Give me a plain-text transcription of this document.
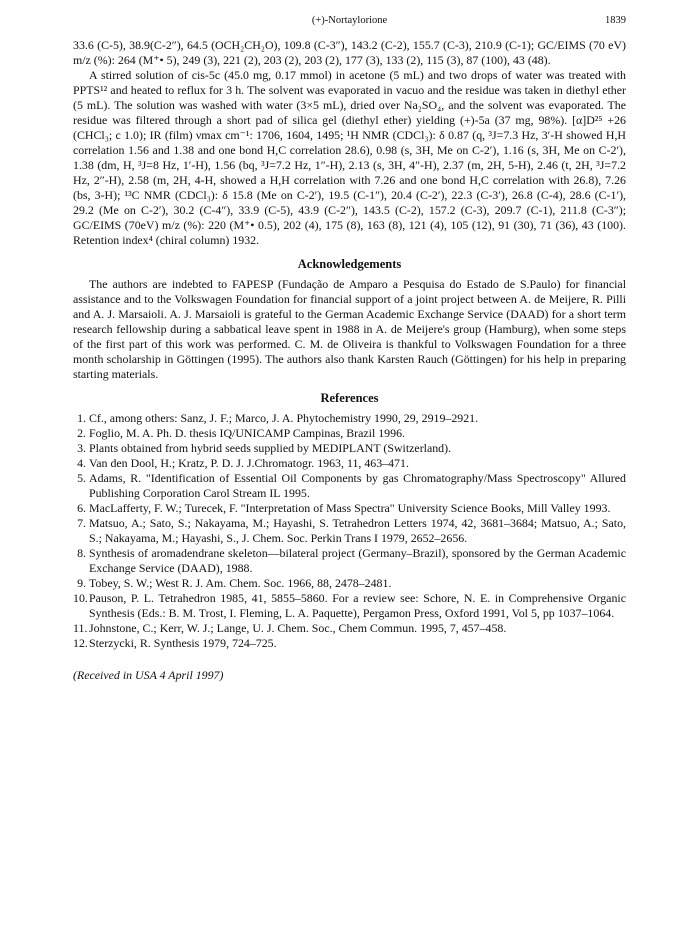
(+)-Nortaylorione	1839

33.6 (C-5), 38.9(C-2″), 64.5 (OCH₂CH₂O), 109.8 (C-3″), 143.2 (C-2), 155.7 (C-3), 210.9 (C-1); GC/EIMS (70 eV) m/z (%): 264 (M⁺• 5), 249 (3), 221 (2), 203 (2), 203 (2), 177 (3), 133 (2), 115 (3), 87 (100), 43 (48).

A stirred solution of cis-5c (45.0 mg, 0.17 mmol) in acetone (5 mL) and two drops of water was treated with PPTS¹² and heated to reflux for 3 h. The solvent was evaporated in vacuo and the residue was taken in diethyl ether (5 mL). The solution was washed with water (3×5 mL), dried over Na₂SO₄, and the solvent was evaporated. The residue was filtered through a short pad of silica gel (diethyl ether) yielding (+)-5a (37 mg, 98%). [α]D²⁵ +26 (CHCl₃; c 1.0); IR (film) νmax cm⁻¹: 1706, 1604, 1495; ¹H NMR (CDCl₃): δ 0.87 (q, ³J=7.3 Hz, 3′-H showed H,H correlation 1.56 and 1.38 and one bond H,C correlation 28.6), 0.98 (s, 3H, Me on C-2′), 1.16 (s, 3H, Me on C-2′), 1.38 (dm, H, ³J=8 Hz, 1′-H), 1.56 (bq, ³J=7.2 Hz, 1″-H), 2.13 (s, 3H, 4″-H), 2.37 (m, 2H, 5-H), 2.46 (t, 2H, ³J=7.2 Hz, 2″-H), 2.58 (m, 2H, 4-H, showed a H,H correlation with 7.26 and one bond H,C correlation with 26.8), 7.26 (bs, 3-H); ¹³C NMR (CDCl₃): δ 15.8 (Me on C-2′), 19.5 (C-1″), 20.4 (C-2′), 22.3 (C-3′), 26.8 (C-4), 28.6 (C-1′), 29.2 (Me on C-2′), 30.2 (C-4″), 33.9 (C-5), 43.9 (C-2″), 143.5 (C-2), 157.2 (C-3), 209.7 (C-1), 211.8 (C-3″); GC/EIMS (70eV) m/z (%): 220 (M⁺• 0.5), 202 (4), 175 (8), 163 (8), 121 (4), 105 (12), 91 (30), 71 (36), 43 (100). Retention index⁴ (chiral column) 1932.

Acknowledgements

The authors are indebted to FAPESP (Fundação de Amparo a Pesquisa do Estado de S.Paulo) for financial assistance and to the Volkswagen Foundation for financial support of a joint project between A. de Meijere, R. Pilli and A. J. Marsaioli. A. J. Marsaioli is grateful to the German Academic Exchange Service (DAAD) for a short term research fellowship during a sabbatical leave spent in 1988 in A. de Meijere's group (Hamburg), when some steps of the first part of this work was performed. C. M. de Oliveira is thankful to Volkswagen Foundation for a three month scholarship in Göttingen (1995). The authors also thank Karsten Rauch (Göttingen) for his help in preparing starting materials.

References
1 . Cf., among others: Sanz, J. F.; Marco, J. A. Phytochemistry 1990, 29, 2919–2921.
2 . Foglio, M. A. Ph. D. thesis IQ/UNICAMP Campinas, Brazil 1996.
3 . Plants obtained from hybrid seeds supplied by MEDIPLANT (Switzerland).
4 . Van den Dool, H.; Kratz, P. D. J. J.Chromatogr. 1963, 11, 463–471.
5 . Adams, R. "Identification of Essential Oil Components by gas Chromatography/Mass Spectroscopy" Allured Publishing Corporation Carol Stream IL 1995.
6 . MacLafferty, F. W.; Turecek, F. "Interpretation of Mass Spectra" University Science Books, Mill Valley 1993.
7 . Matsuo, A.; Sato, S.; Nakayama, M.; Hayashi, S. Tetrahedron Letters 1974, 42, 3681–3684; Matsuo, A.; Sato, S.; Nakayama, M.; Hayashi, S., J. Chem. Soc. Perkin Trans I 1979, 2652–2656.
8 . Synthesis of aromadendrane skeleton—bilateral project (Germany–Brazil), sponsored by the German Academic Exchange Service (DAAD), 1988.
9 . Tobey, S. W.; West R. J. Am. Chem. Soc. 1966, 88, 2478–2481.
10 . Pauson, P. L. Tetrahedron 1985, 41, 5855–5860. For a review see: Schore, N. E. in Comprehensive Organic Synthesis (Eds.: B. M. Trost, I. Fleming, L. A. Paquette), Pergamon Press, Oxford 1991, Vol 5, pp 1037–1064.
11 . Johnstone, C.; Kerr, W. J.; Lange, U. J. Chem. Soc., Chem Commun. 1995, 7, 457–458.
12 . Sterzycki, R. Synthesis 1979, 724–725.

(Received in USA 4 April 1997)
